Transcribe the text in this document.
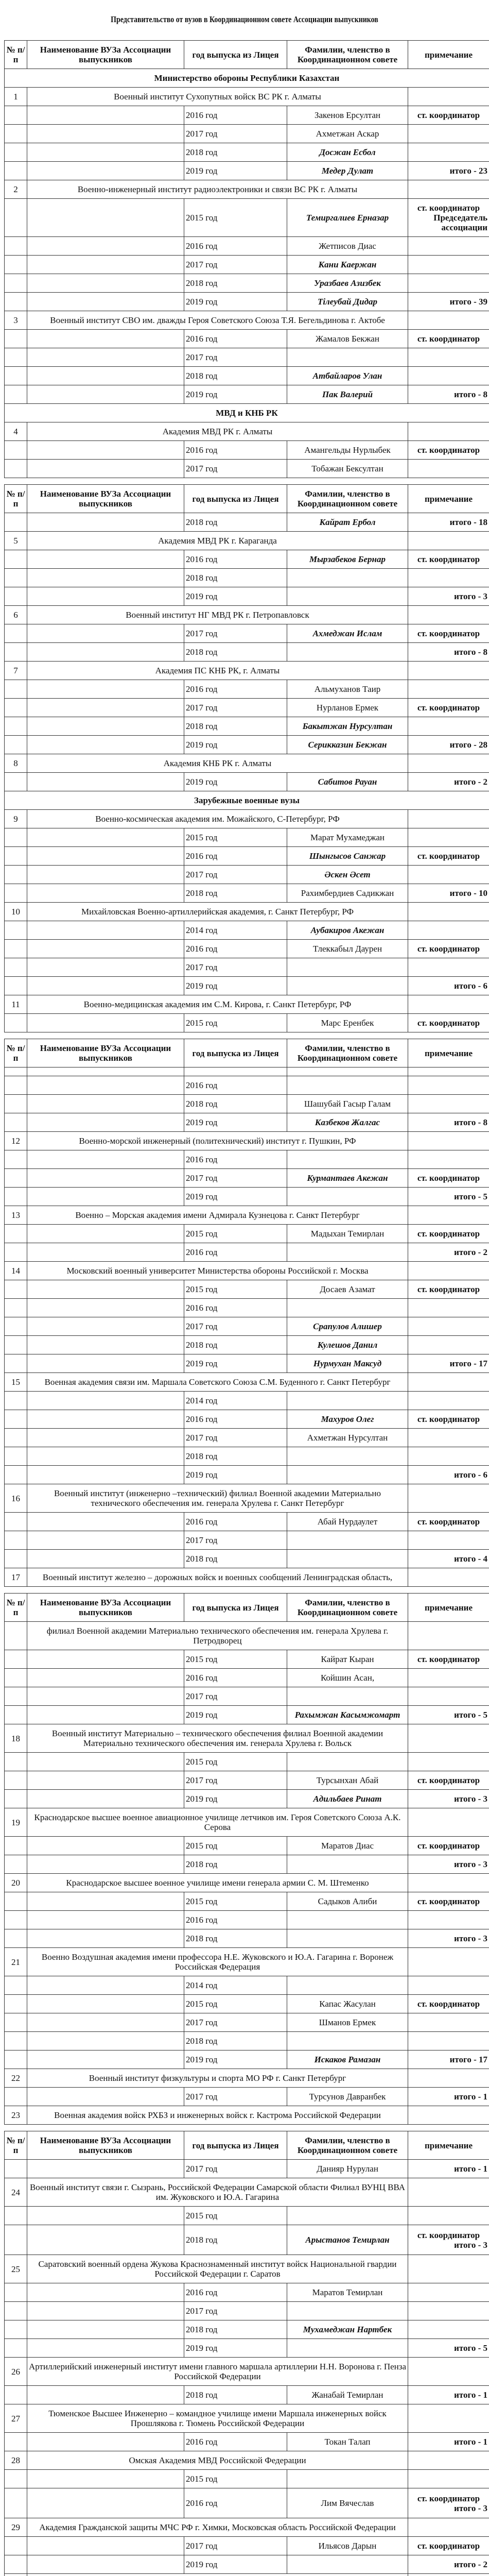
Представительство от вузов в Координационном совете Ассоциации выпускников
№ п/п	Наименование ВУЗа Ассоциации выпускников	год выпуска из Лицея	Фамилии, членство в Координационном совете	примечание
Министерство обороны Республики Казахстан				
1	Военный институт Сухопутных войск ВС РК г. Алматы			
		2016 год	Закенов Ерсултан	ст. координатор
		2017 год	Ахметжан Аскар	
		2018 год	Досжан Есбол	
		2019 год	Медер Дулат	итого - 23
2	Военно-инженерный институт радиоэлектроники и связи ВС РК г. Алматы			
		2015 год	Темиргалиев Ерназар	ст. координатор
Председатель ассоциации

		2016 год	Жетписов Диас	
		2017 год	Кани Каержан	
		2018 год	Уразбаев Азизбек	
		2019 год	Тілеубай Дидар	итого - 39
3	Военный институт СВО им. дважды Героя Советского Союза Т.Я. Бегельдинова г. Актобе			
		2016 год	Жамалов Бекжан	ст. координатор
		2017 год		
		2018 год	Атбайларов Улан	
		2019 год	Пак Валерий	итого - 8
МВД и КНБ РК				
4	Академия МВД РК г. Алматы			
		2016 год	Амангельды Нурлыбек	ст. координатор
		2017 год	Тобажан Бексултан	
№ п/п	Наименование ВУЗа Ассоциации выпускников	год выпуска из Лицея	Фамилии, членство в Координационном совете	примечание
		2018 год	Кайрат Ербол	итого - 18
5	Академия МВД РК г. Караганда			
		2016 год	Мырзабеков Бернар	ст. координатор
		2018 год		
		2019 год		итого - 3
6	Военный институт НГ МВД РК г. Петропавловск			
		2017 год	Ахмеджан Ислам	ст. координатор
		2018 год		итого - 8
7	Академия ПС КНБ РК, г. Алматы			
		2016 год	Альмуханов Таир	
		2017 год	Нурланов Ермек	ст. координатор
		2018 год	Бакытжан Нурсултан	
		2019 год	Серикказин Бекжан	итого - 28
8	Академия КНБ РК г. Алматы			
		2019 год	Сабитов Рауан	итого - 2
Зарубежные военные вузы				
9	Военно-космическая академия им. Можайского, С-Петербург, РФ			
		2015 год	Марат Мухамеджан	
		2016 год	Шынгысов Санжар	ст. координатор
		2017 год	Әскен Әсет	
		2018 год	Рахимбердиев Садикжан	итого - 10
10	Михайловская Военно-артиллерийская академия, г. Санкт Петербург, РФ			
		2014 год	Аубакиров Акежан	
		2016 год	Тлеккабыл Даурен	ст. координатор
		2017 год		
		2019 год		итого - 6
11	Военно-медицинская академия им С.М. Кирова, г. Санкт Петербург, РФ			
		2015 год	Марс Еренбек	ст. координатор
№ п/п	Наименование ВУЗа Ассоциации выпускников	год выпуска из Лицея	Фамилии, членство в Координационном совете	примечание

		2016 год		
		2018 год	Шашубай Гасыр Галам	
		2019 год	Казбеков Жалгас	итого - 8
12	Военно-морской инженерный (политехнический) институт г. Пушкин, РФ			
		2016 год		
		2017 год	Курмантаев Акежан	ст. координатор
		2019 год		итого - 5
13	Военно – Морская академия имени Адмирала Кузнецова г. Санкт Петербург			
		2015 год	Мадыхан Темирлан	ст. координатор
		2016 год		итого - 2
14	Московский военный университет Министерства обороны Российской г. Москва			
		2015 год	Досаев Азамат	ст. координатор
		2016 год		
		2017 год	Срапулов Алишер	
		2018 год	Кулешов Данил	
		2019 год	Нурмухан Максуд	итого - 17
15	Военная академия связи им. Маршала Советского Союза С.М. Буденного г. Санкт Петербург			
		2014 год		
		2016 год	Махуров Олег	ст. координатор
		2017 год	Ахметжан Нурсултан	
		2018 год		
		2019 год		итого - 6
16	Военный институт (инженерно –технический) филиал Военной академии Материально технического обеспечения им. генерала Хрулева г. Санкт Петербург			
		2016 год	Абай Нурдаулет	ст. координатор
		2017 год		
		2018 год		итого - 4
17	Военный институт железно – дорожных войск и военных сообщений Ленинградская область,			
№ п/п	Наименование ВУЗа Ассоциации выпускников	год выпуска из Лицея	Фамилии, членство в Координационном совете	примечание
	филиал Военной академии Материально технического обеспечения им. генерала Хрулева г. Петродворец			
		2015 год	Кайрат Кыран	ст. координатор
		2016 год	Койшин Асан,	
		2017 год		
		2019 год	Рахымжан Касымжомарт	итого - 5
18	Военный институт Материально – технического обеспечения филиал Военной академии Материально технического обеспечения им. генерала Хрулева г. Вольск			
		2015 год		
		2017 год	Турсынхан Абай	ст. координатор
		2019 год	Адильбаев Ринат	итого - 3
19	Краснодарское высшее военное авиационное училище летчиков им. Героя Советского Союза А.К. Серова			
		2015 год	Маратов Диас	ст. координатор
		2018 год		итого - 3
20	Краснодарское высшее военное училище имени генерала армии С. М. Штеменко			
		2015 год	Садыков Алиби	ст. координатор
		2016 год		
		2018 год		итого - 3
21	Военно Воздушная академия имени профессора Н.Е. Жуковского и Ю.А. Гагарина г. Воронеж Российская Федерация			
		2014 год		
		2015 год	Капас Жасулан	ст. координатор
		2017 год	Шманов Ермек	
		2018 год		
		2019 год	Искаков Рамазан	итого - 17
22	Военный институт физкультуры и спорта МО РФ г. Санкт Петербург			
		2017 год	Турсунов Давранбек	итого - 1
23	Военная академия войск РХБЗ и инженерных войск г. Кастрома Российской Федерации			
№ п/п	Наименование ВУЗа Ассоциации выпускников	год выпуска из Лицея	Фамилии, членство в Координационном совете	примечание
		2017 год	Данияр Нурулан	итого - 1
24	Военный институт связи г. Сызрань, Российской Федерации Самарской области Филиал ВУНЦ ВВА им. Жуковского и Ю.А. Гагарина			
		2015 год		
		2018 год	Арыстанов Темирлан	ст. координатор
итого - 3

25	Саратовский военный ордена Жукова Краснознаменный институт войск Национальной гвардии Российской Федерации г. Саратов			
		2016 год	Маратов Темирлан	
		2017 год		
		2018 год	Мухамеджан Нартбек	
		2019 год		итого - 5
26	Артиллерийский инженерный институт имени главного маршала артиллерии Н.Н. Воронова г. Пенза Российской Федерации			
		2018 год	Жанабай Темирлан	итого - 1
27	Тюменское Высшее Инженерно – командное училище имени Маршала инженерных войск Прошлякова г. Тюмень Российской Федерации			
		2016 год	Токан Талап	итого - 1
28	Омская Академия МВД Российской Федерации			
		2015 год		
		2016 год	Лим Вячеслав	ст. координатор
итого - 3

29	Академия Гражданской защиты МЧС РФ г. Химки, Московская область Российской Федерации			
		2017 год	Ильясов Дарын	ст. координатор
		2019 год		итого - 2
